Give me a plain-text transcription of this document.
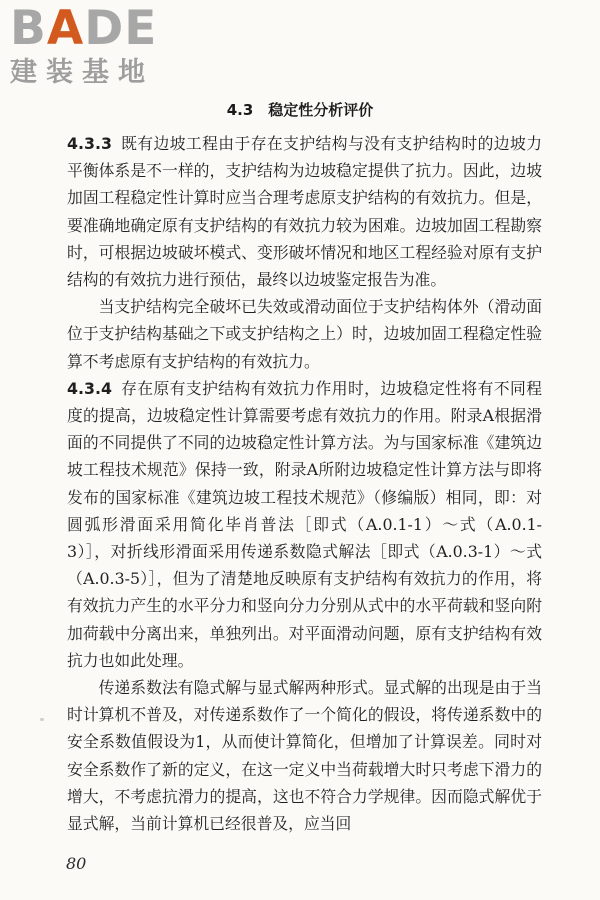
BADE
建装基地
4.3　稳定性分析评价

4.3.3 既有边坡工程由于存在支护结构与没有支护结构时的边坡力平衡体系是不一样的，支护结构为边坡稳定提供了抗力。因此，边坡加固工程稳定性计算时应当合理考虑原支护结构的有效抗力。但是，要准确地确定原有支护结构的有效抗力较为困难。边坡加固工程勘察时，可根据边坡破坏模式、变形破坏情况和地区工程经验对原有支护结构的有效抗力进行预估，最终以边坡鉴定报告为准。

当支护结构完全破坏已失效或滑动面位于支护结构体外（滑动面位于支护结构基础之下或支护结构之上）时，边坡加固工程稳定性验算不考虑原有支护结构的有效抗力。

4.3.4 存在原有支护结构有效抗力作用时，边坡稳定性将有不同程度的提高，边坡稳定性计算需要考虑有效抗力的作用。附录A根据滑面的不同提供了不同的边坡稳定性计算方法。为与国家标准《建筑边坡工程技术规范》保持一致，附录A所附边坡稳定性计算方法与即将发布的国家标准《建筑边坡工程技术规范》（修编版）相同，即：对圆弧形滑面采用简化毕肖普法［即式（A.0.1-1）～式（A.0.1-3）］，对折线形滑面采用传递系数隐式解法［即式（A.0.3-1）～式（A.0.3-5）］，但为了清楚地反映原有支护结构有效抗力的作用，将有效抗力产生的水平分力和竖向分力分别从式中的水平荷载和竖向附加荷载中分离出来，单独列出。对平面滑动问题，原有支护结构有效抗力也如此处理。

传递系数法有隐式解与显式解两种形式。显式解的出现是由于当时计算机不普及，对传递系数作了一个简化的假设，将传递系数中的安全系数值假设为1，从而使计算简化，但增加了计算误差。同时对安全系数作了新的定义，在这一定义中当荷载增大时只考虑下滑力的增大，不考虑抗滑力的提高，这也不符合力学规律。因而隐式解优于显式解，当前计算机已经很普及，应当回

80
